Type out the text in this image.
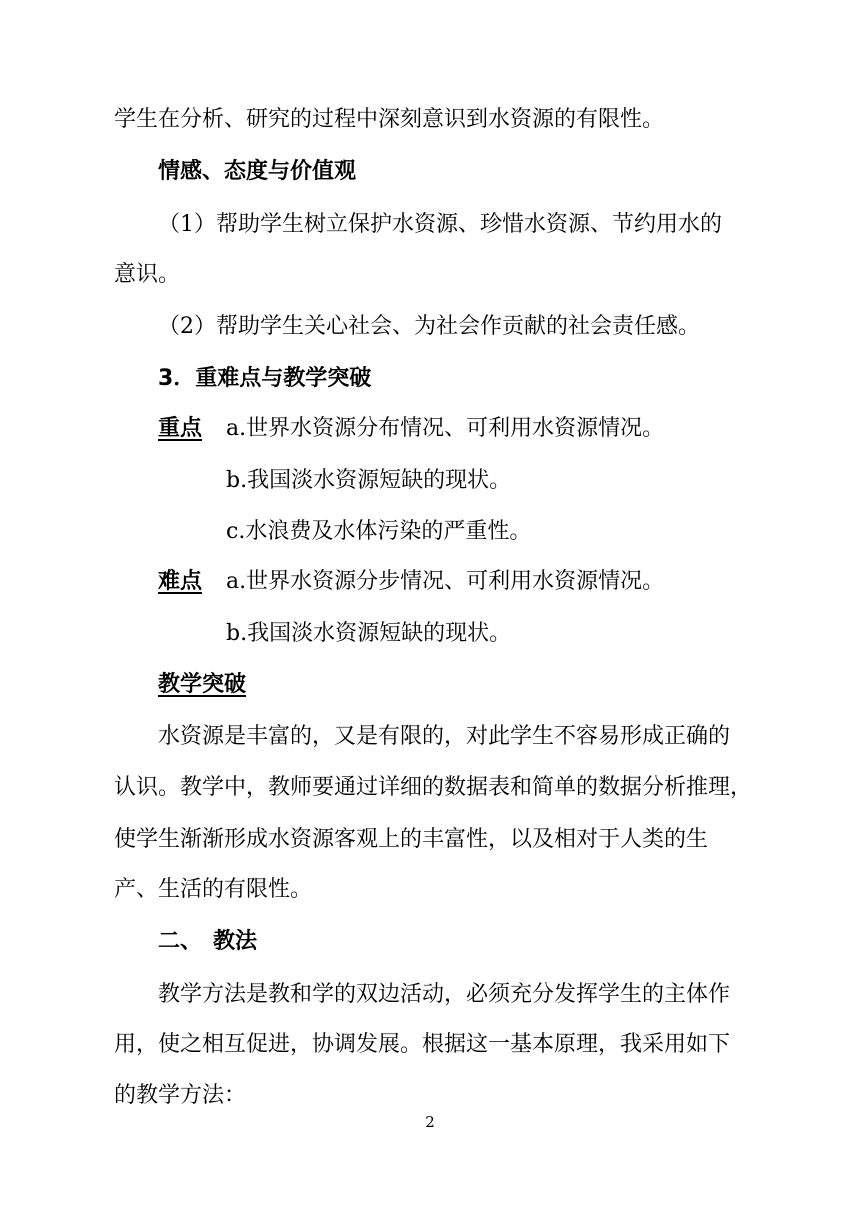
学生在分析、研究的过程中深刻意识到水资源的有限性。
情感、态度与价值观
（1）帮助学生树立保护水资源、珍惜水资源、节约用水的
意识。
（2）帮助学生关心社会、为社会作贡献的社会责任感。
3．重难点与教学突破
重点 a.世界水资源分布情况、可利用水资源情况。
b.我国淡水资源短缺的现状。
c.水浪费及水体污染的严重性。
难点 a.世界水资源分步情况、可利用水资源情况。
b.我国淡水资源短缺的现状。
教学突破
水资源是丰富的，又是有限的，对此学生不容易形成正确的
认识。教学中，教师要通过详细的数据表和简单的数据分析推理，
使学生渐渐形成水资源客观上的丰富性，以及相对于人类的生
产、生活的有限性。
二、　教法
教学方法是教和学的双边活动，必须充分发挥学生的主体作
用，使之相互促进，协调发展。根据这一基本原理，我采用如下
的教学方法：
2
